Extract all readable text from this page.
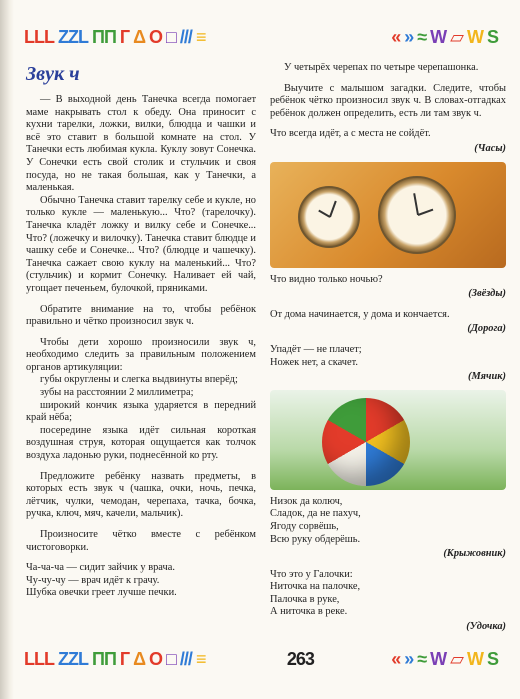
LLL ZZL ПП Г Δ O □ /// ≡	« » ≈ W ▱ W S
Звук ч

— В выходной день Танечка всегда помогает маме накрывать стол к обеду. Она приносит с кухни тарелки, ложки, вилки, блюдца и чашки и всё это ставит в большой комнате на стол. У Танечки есть любимая кукла. Куклу зовут Сонечка. У Сонечки есть свой столик и стульчик и своя посуда, но не такая большая, как у Танечки, а маленькая.

Обычно Танечка ставит тарелку себе и кукле, но только кукле — маленькую... Что? (тарелочку). Танечка кладёт ложку и вилку себе и Сонечке... Что? (ложечку и вилочку). Танечка ставит блюдце и чашку себе и Сонечке... Что? (блюдце и чашечку). Танечка сажает свою куклу на маленький... Что? (стульчик) и кормит Сонечку. Наливает ей чай, угощает печеньем, булочкой, пряниками.

Обратите внимание на то, чтобы ребёнок правильно и чётко произносил звук ч.

Чтобы дети хорошо произносили звук ч, необходимо следить за правильным положением органов артикуляции:

губы округлены и слегка выдвинуты вперёд;

зубы на расстоянии 2 миллиметра;

широкий кончик языка ударяется в передний край нёба;

посередине языка идёт сильная короткая воздушная струя, которая ощущается как толчок воздуха ладонью руки, поднесённой ко рту.

Предложите ребёнку назвать предметы, в которых есть звук ч (чашка, очки, ночь, печка, лётчик, чулки, чемодан, черепаха, тачка, бочка, ручка, ключ, мяч, качели, мальчик).

Произносите чётко вместе с ребёнком чистоговорки.

Ча-ча-ча — сидит зайчик у врача.

Чу-чу-чу — врач идёт к грачу.

Шубка овечки греет лучше печки.

У четырёх черепах по четыре черепашонка.

Выучите с малышом загадки. Следите, чтобы ребёнок чётко произносил звук ч. В словах-отгадках ребёнок должен определить, есть ли там звук ч.

Что всегда идёт, а с места не сойдёт.

(Часы)

Что видно только ночью?

(Звёзды)

От дома начинается, у дома и кончается.

(Дорога)

Упадёт — не плачет;

Ножек нет, а скачет.

(Мячик)

Низок да колюч,

Сладок, да не пахуч,

Ягоду сорвёшь,

Всю руку обдерёшь.

(Крыжовник)

Что это у Галочки:

Ниточка на палочке,

Палочка в руке,

А ниточка в реке.

(Удочка)
LLL ZZL ПП Г Δ O □ /// ≡	263	« » ≈ W ▱ W S
